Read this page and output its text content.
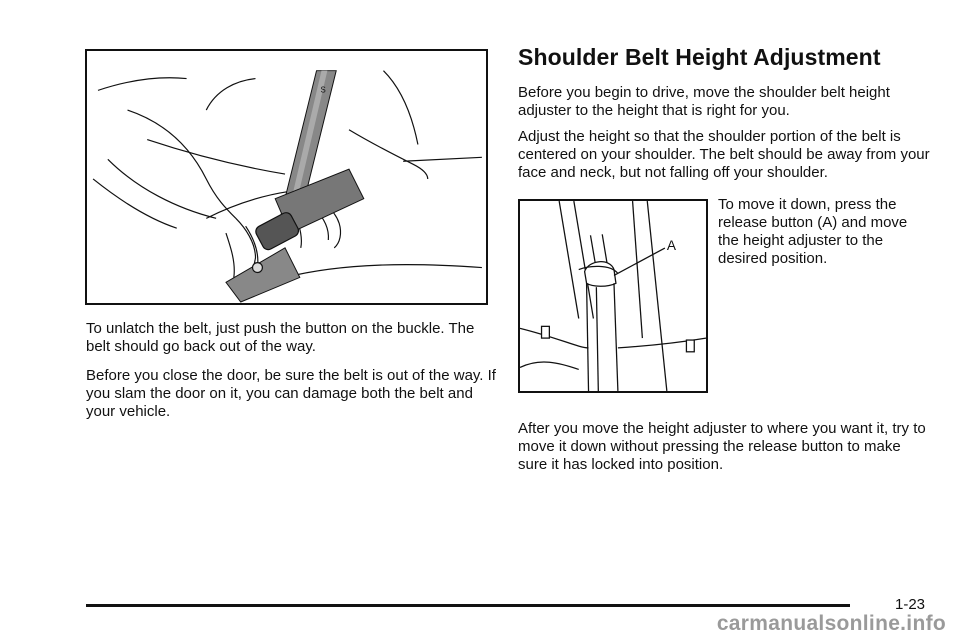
S

To unlatch the belt, just push the button on the buckle. The belt should go back out of the way.

Before you close the door, be sure the belt is out of the way. If you slam the door on it, you can damage both the belt and your vehicle.

Shoulder Belt Height Adjustment

Before you begin to drive, move the shoulder belt height adjuster to the height that is right for you.

Adjust the height so that the shoulder portion of the belt is centered on your shoulder. The belt should be away from your face and neck, but not falling off your shoulder.

A

To move it down, press the release button (A) and move the height adjuster to the desired position.

After you move the height adjuster to where you want it, try to move it down without pressing the release button to make sure it has locked into position.

1-23
carmanualsonline.info
